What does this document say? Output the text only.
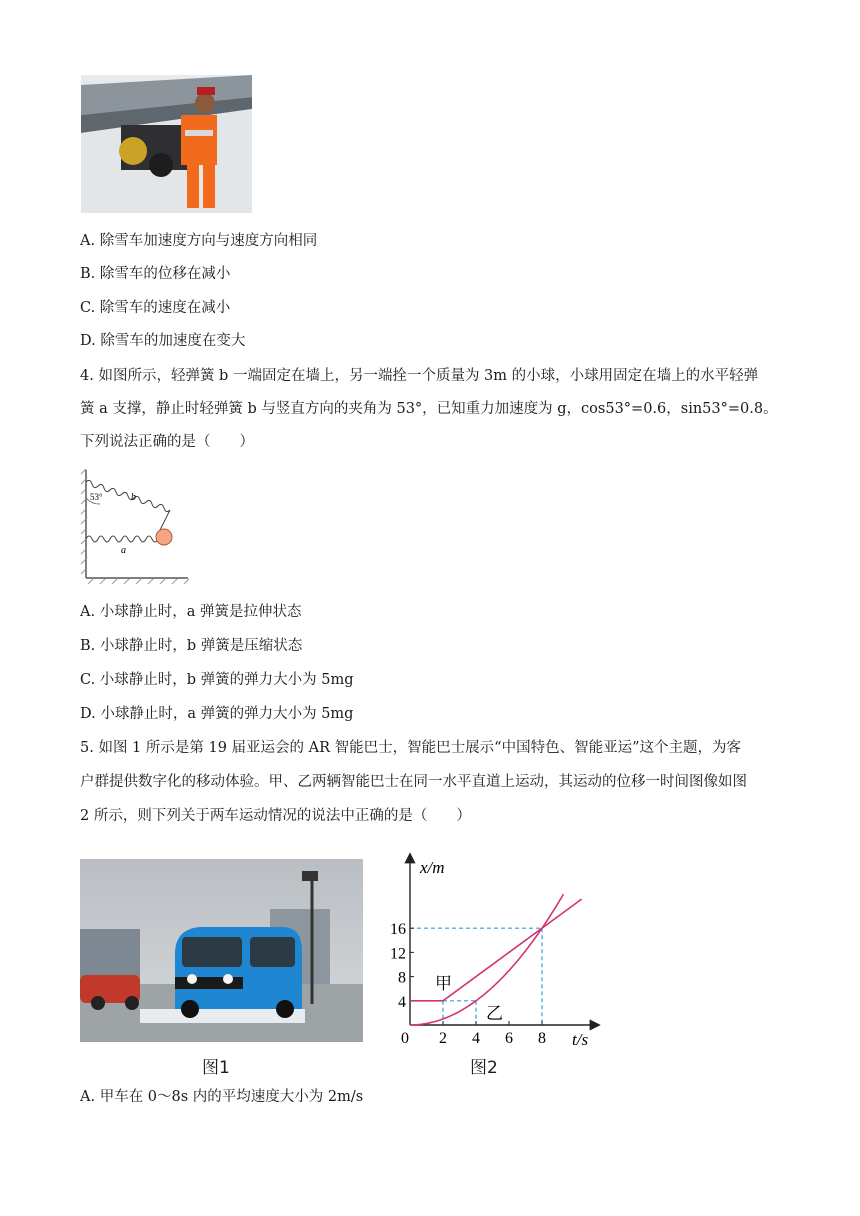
A. 除雪车加速度方向与速度方向相同
B. 除雪车的位移在减小
C. 除雪车的速度在减小
D. 除雪车的加速度在变大
4. 如图所示，轻弹簧 b 一端固定在墙上，另一端拴一个质量为 3m 的小球，小球用固定在墙上的水平轻弹
簧 a 支撑，静止时轻弹簧 b 与竖直方向的夹角为 53°，已知重力加速度为 g，cos53°=0.6，sin53°=0.8。
下列说法正确的是（　　）
53°	b
a
A. 小球静止时，a 弹簧是拉伸状态
B. 小球静止时，b 弹簧是压缩状态
C. 小球静止时，b 弹簧的弹力大小为 5mg
D. 小球静止时，a 弹簧的弹力大小为 5mg
5. 如图 1 所示是第 19 届亚运会的 AR 智能巴士，智能巴士展示“中国特色、智能亚运”这个主题，为客
户群提供数字化的移动体验。甲、乙两辆智能巴士在同一水平直道上运动，其运动的位移一时间图像如图
2 所示，则下列关于两车运动情况的说法中正确的是（　　）
图1
x/m
t/s
0 2 4 6 8
4
8
12
16
甲
乙
图2
A. 甲车在 0～8s 内的平均速度大小为 2m/s
